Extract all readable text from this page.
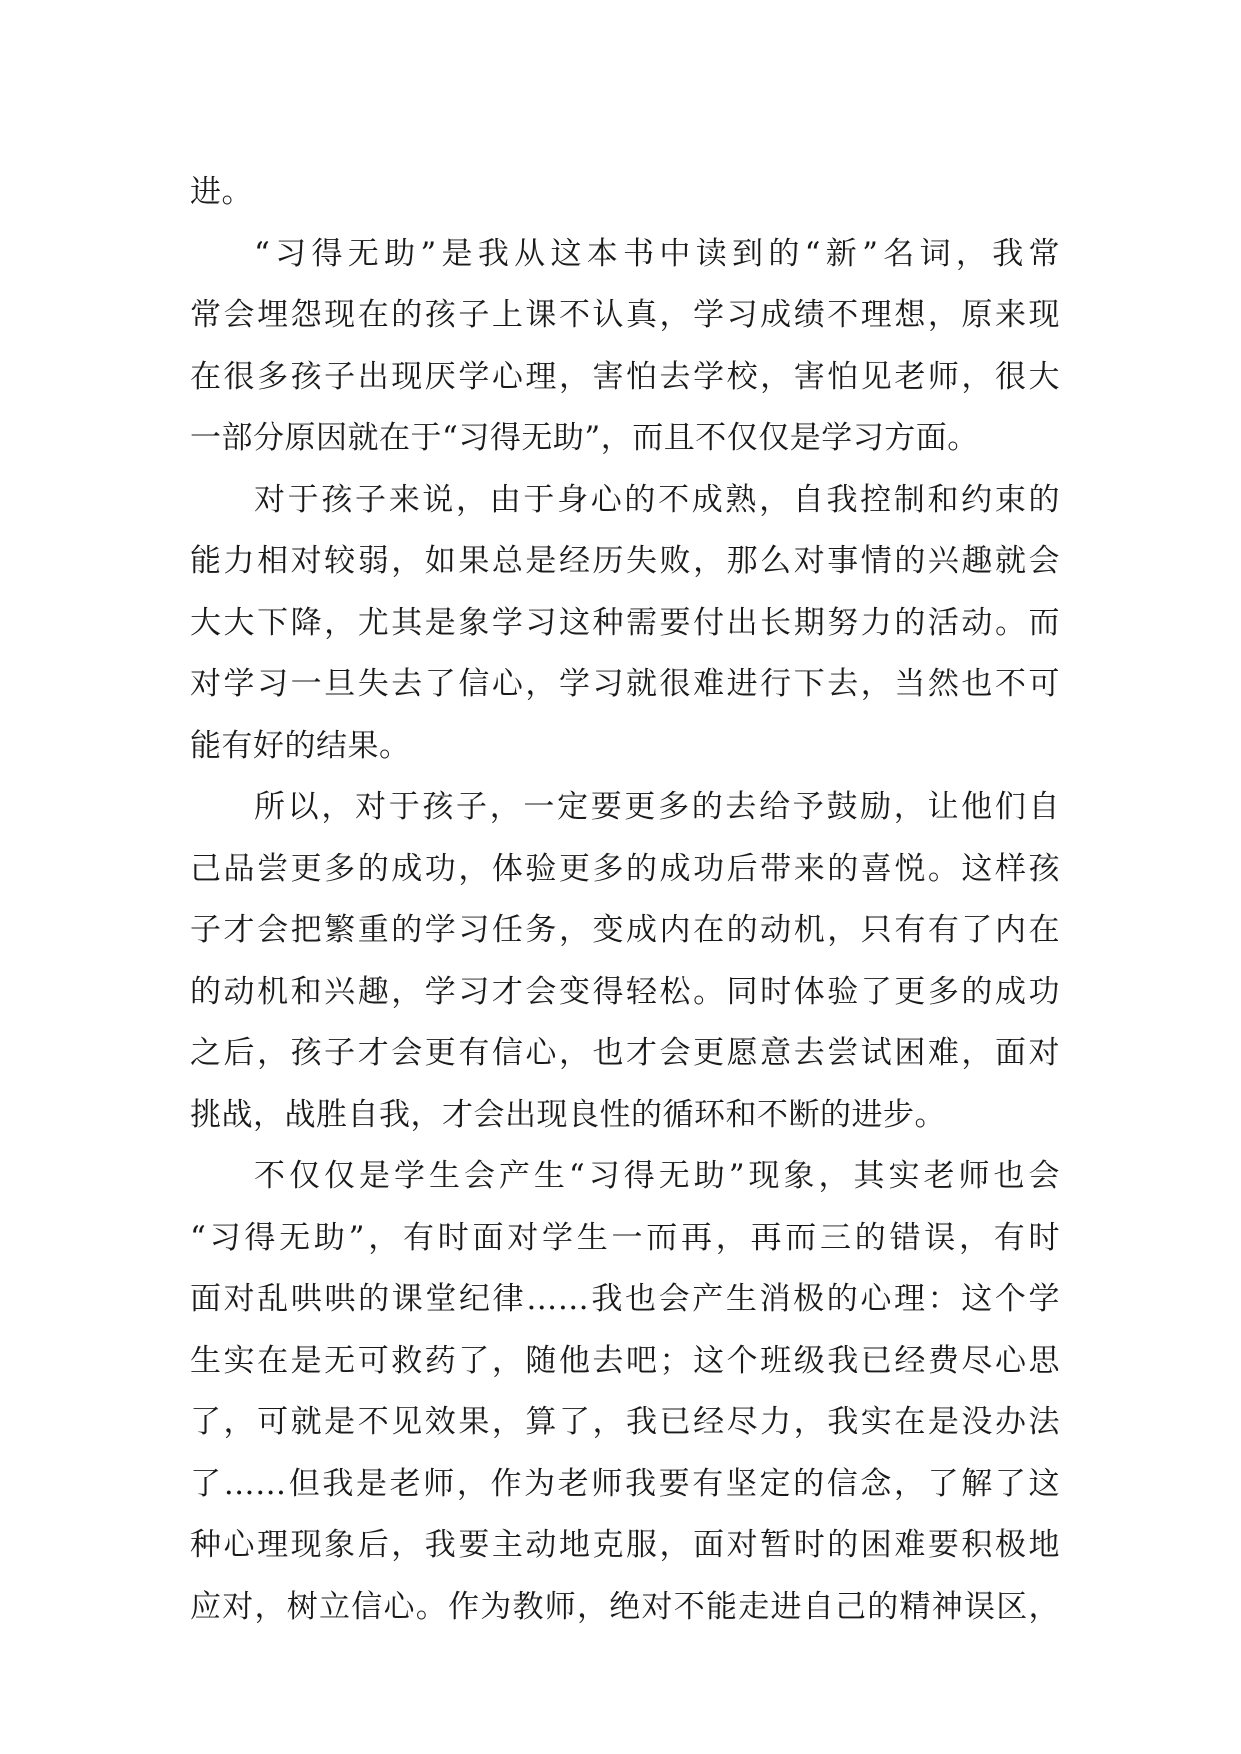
进。
“习得无助”是我从这本书中读到的“新”名词，我常
常会埋怨现在的孩子上课不认真，学习成绩不理想，原来现
在很多孩子出现厌学心理，害怕去学校，害怕见老师，很大
一部分原因就在于“习得无助”，而且不仅仅是学习方面。
对于孩子来说，由于身心的不成熟，自我控制和约束的
能力相对较弱，如果总是经历失败，那么对事情的兴趣就会
大大下降，尤其是象学习这种需要付出长期努力的活动。而
对学习一旦失去了信心，学习就很难进行下去，当然也不可
能有好的结果。
所以，对于孩子，一定要更多的去给予鼓励，让他们自
己品尝更多的成功，体验更多的成功后带来的喜悦。这样孩
子才会把繁重的学习任务，变成内在的动机，只有有了内在
的动机和兴趣，学习才会变得轻松。同时体验了更多的成功
之后，孩子才会更有信心，也才会更愿意去尝试困难，面对
挑战，战胜自我，才会出现良性的循环和不断的进步。
不仅仅是学生会产生“习得无助”现象，其实老师也会
“习得无助”，有时面对学生一而再，再而三的错误，有时
面对乱哄哄的课堂纪律……我也会产生消极的心理：这个学
生实在是无可救药了，随他去吧；这个班级我已经费尽心思
了，可就是不见效果，算了，我已经尽力，我实在是没办法
了……但我是老师，作为老师我要有坚定的信念，了解了这
种心理现象后，我要主动地克服，面对暂时的困难要积极地
应对，树立信心。作为教师，绝对不能走进自己的精神误区，
